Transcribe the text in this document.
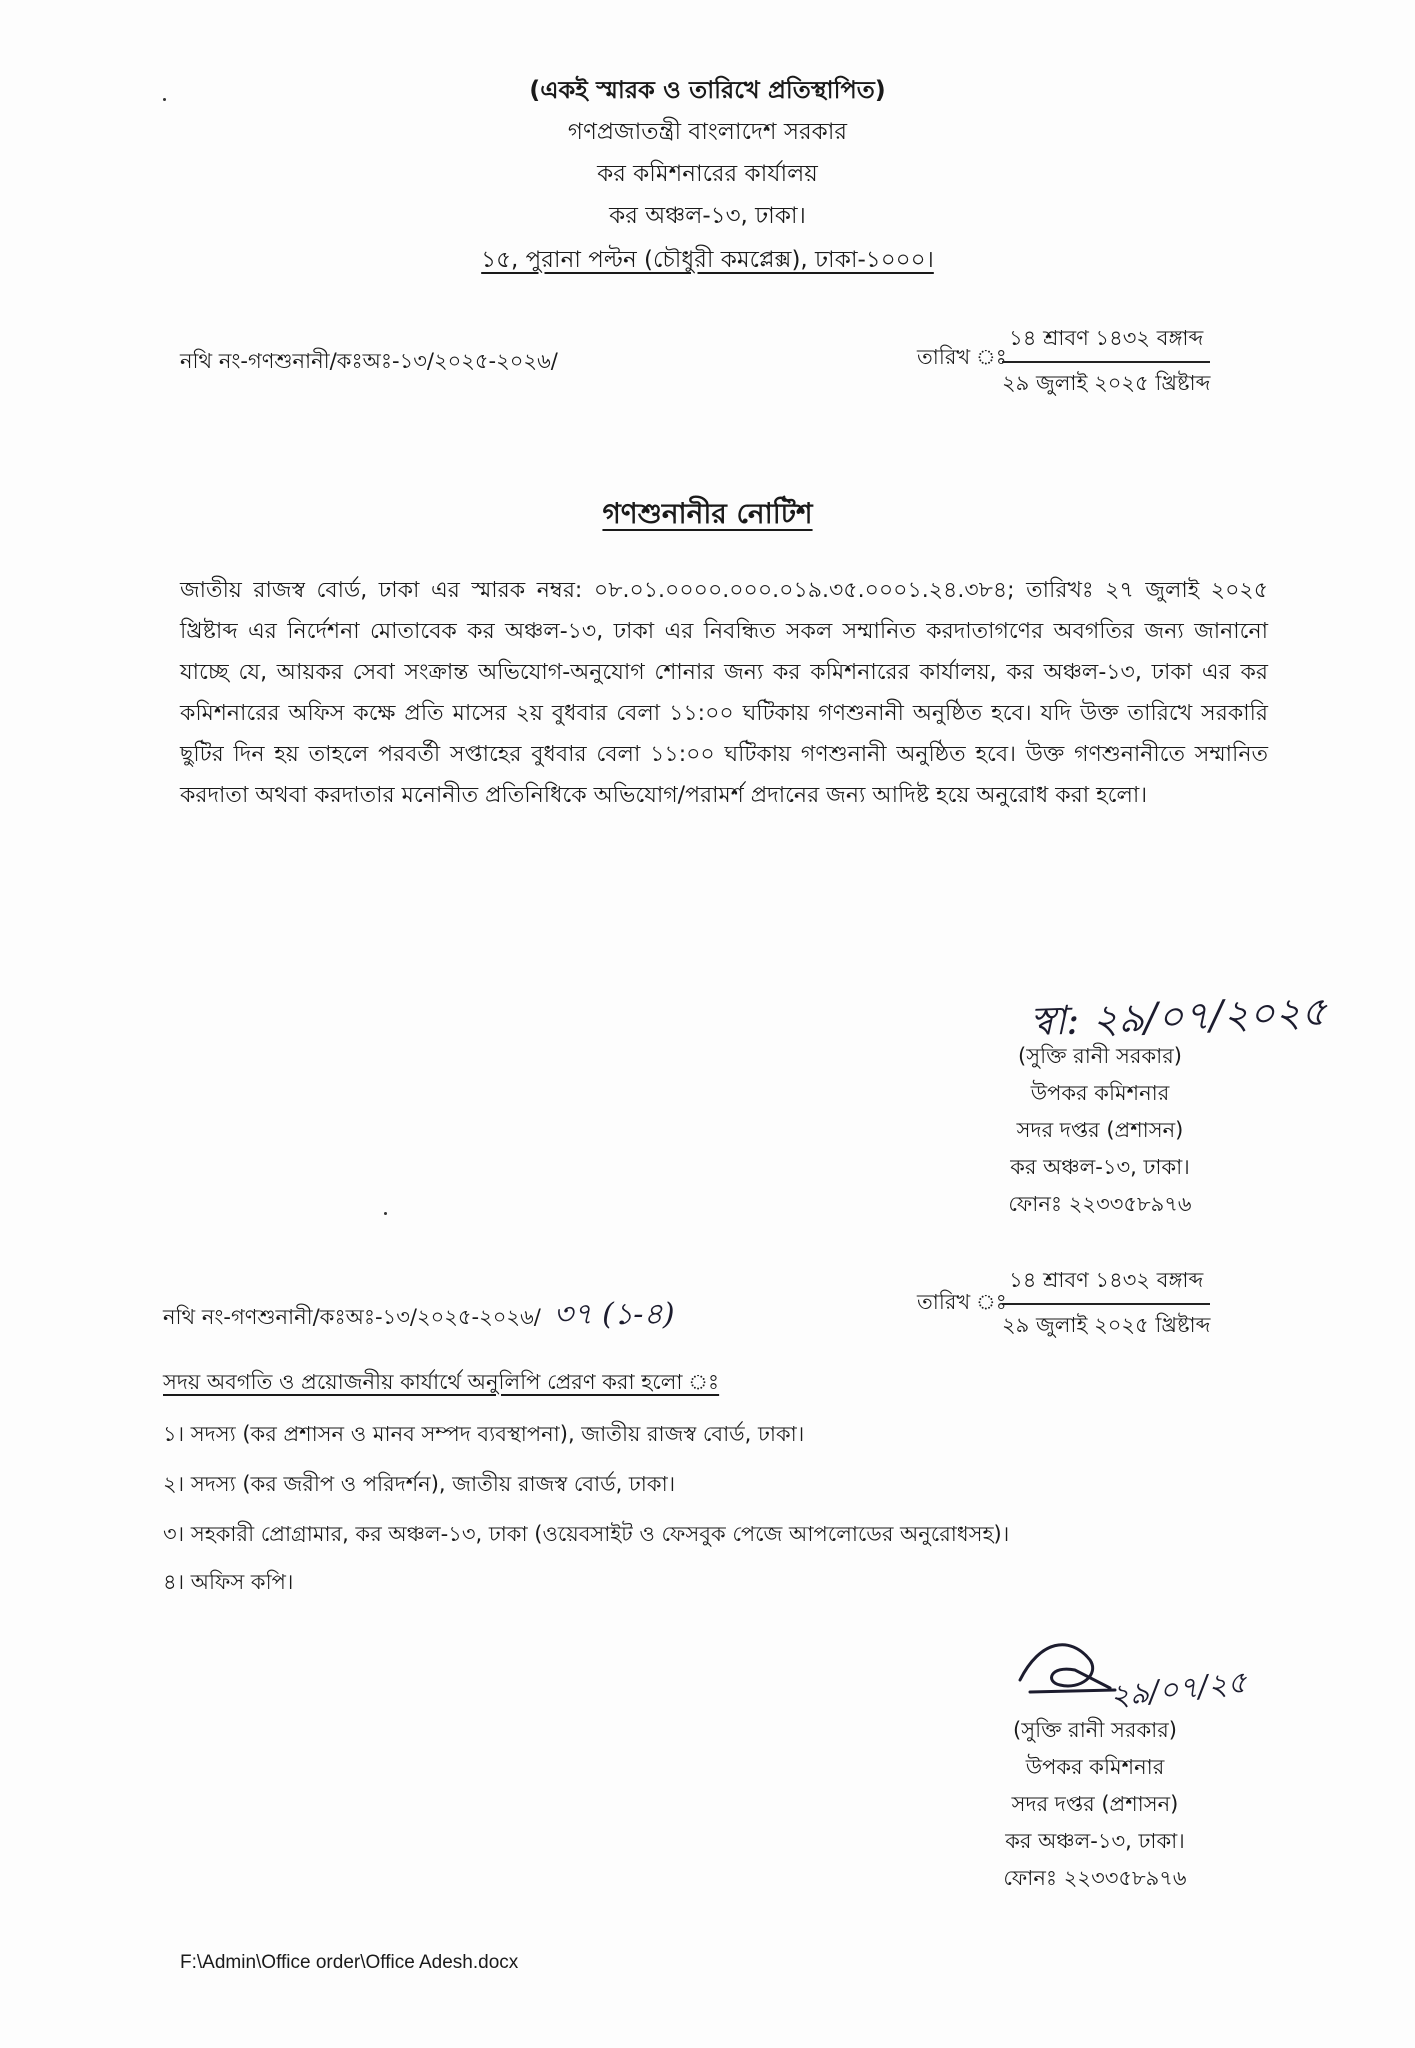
(একই স্মারক ও তারিখে প্রতিস্থাপিত)
গণপ্রজাতন্ত্রী বাংলাদেশ সরকার
কর কমিশনারের কার্যালয়
কর অঞ্চল-১৩, ঢাকা।
১৫, পুরানা পল্টন (চৌধুরী কমপ্লেক্স), ঢাকা-১০০০।
নথি নং-গণশুনানী/কঃঅঃ-১৩/২০২৫-২০২৬/	তারিখ ঃ
১৪ শ্রাবণ ১৪৩২ বঙ্গাব্দ
২৯ জুলাই ২০২৫ খ্রিষ্টাব্দ
গণশুনানীর নোটিশ
জাতীয় রাজস্ব বোর্ড, ঢাকা এর স্মারক নম্বর: ০৮.০১.০০০০.০০০.০১৯.৩৫.০০০১.২৪.৩৮৪; তারিখঃ ২৭ জুলাই ২০২৫ খ্রিষ্টাব্দ এর নির্দেশনা মোতাবেক কর অঞ্চল-১৩, ঢাকা এর নিবন্ধিত সকল সম্মানিত করদাতাগণের অবগতির জন্য জানানো যাচ্ছে যে, আয়কর সেবা সংক্রান্ত অভিযোগ-অনুযোগ শোনার জন্য কর কমিশনারের কার্যালয়, কর অঞ্চল-১৩, ঢাকা এর কর কমিশনারের অফিস কক্ষে প্রতি মাসের ২য় বুধবার বেলা ১১:০০ ঘটিকায় গণশুনানী অনুষ্ঠিত হবে। যদি উক্ত তারিখে সরকারি ছুটির দিন হয় তাহলে পরবর্তী সপ্তাহের বুধবার বেলা ১১:০০ ঘটিকায় গণশুনানী অনুষ্ঠিত হবে। উক্ত গণশুনানীতে সম্মানিত করদাতা অথবা করদাতার মনোনীত প্রতিনিধিকে অভিযোগ/পরামর্শ প্রদানের জন্য আদিষ্ট হয়ে অনুরোধ করা হলো।
স্বা: ২৯/০৭/২০২৫
(সুক্তি রানী সরকার)
উপকর কমিশনার
সদর দপ্তর (প্রশাসন)
কর অঞ্চল-১৩, ঢাকা।
ফোনঃ ২২৩৩৫৮৯৭৬
নথি নং-গণশুনানী/কঃঅঃ-১৩/২০২৫-২০২৬/ ৩৭ (১-৪)	তারিখ ঃ
১৪ শ্রাবণ ১৪৩২ বঙ্গাব্দ
২৯ জুলাই ২০২৫ খ্রিষ্টাব্দ
সদয় অবগতি ও প্রয়োজনীয় কার্যার্থে অনুলিপি প্রেরণ করা হলো ঃ
১। সদস্য (কর প্রশাসন ও মানব সম্পদ ব্যবস্থাপনা), জাতীয় রাজস্ব বোর্ড, ঢাকা।
২। সদস্য (কর জরীপ ও পরিদর্শন), জাতীয় রাজস্ব বোর্ড, ঢাকা।
৩। সহকারী প্রোগ্রামার, কর অঞ্চল-১৩, ঢাকা (ওয়েবসাইট ও ফেসবুক পেজে আপলোডের অনুরোধসহ)।
৪। অফিস কপি।
২৯/০৭/২৫
(সুক্তি রানী সরকার)
উপকর কমিশনার
সদর দপ্তর (প্রশাসন)
কর অঞ্চল-১৩, ঢাকা।
ফোনঃ ২২৩৩৫৮৯৭৬
F:\Admin\Office order\Office Adesh.docx
